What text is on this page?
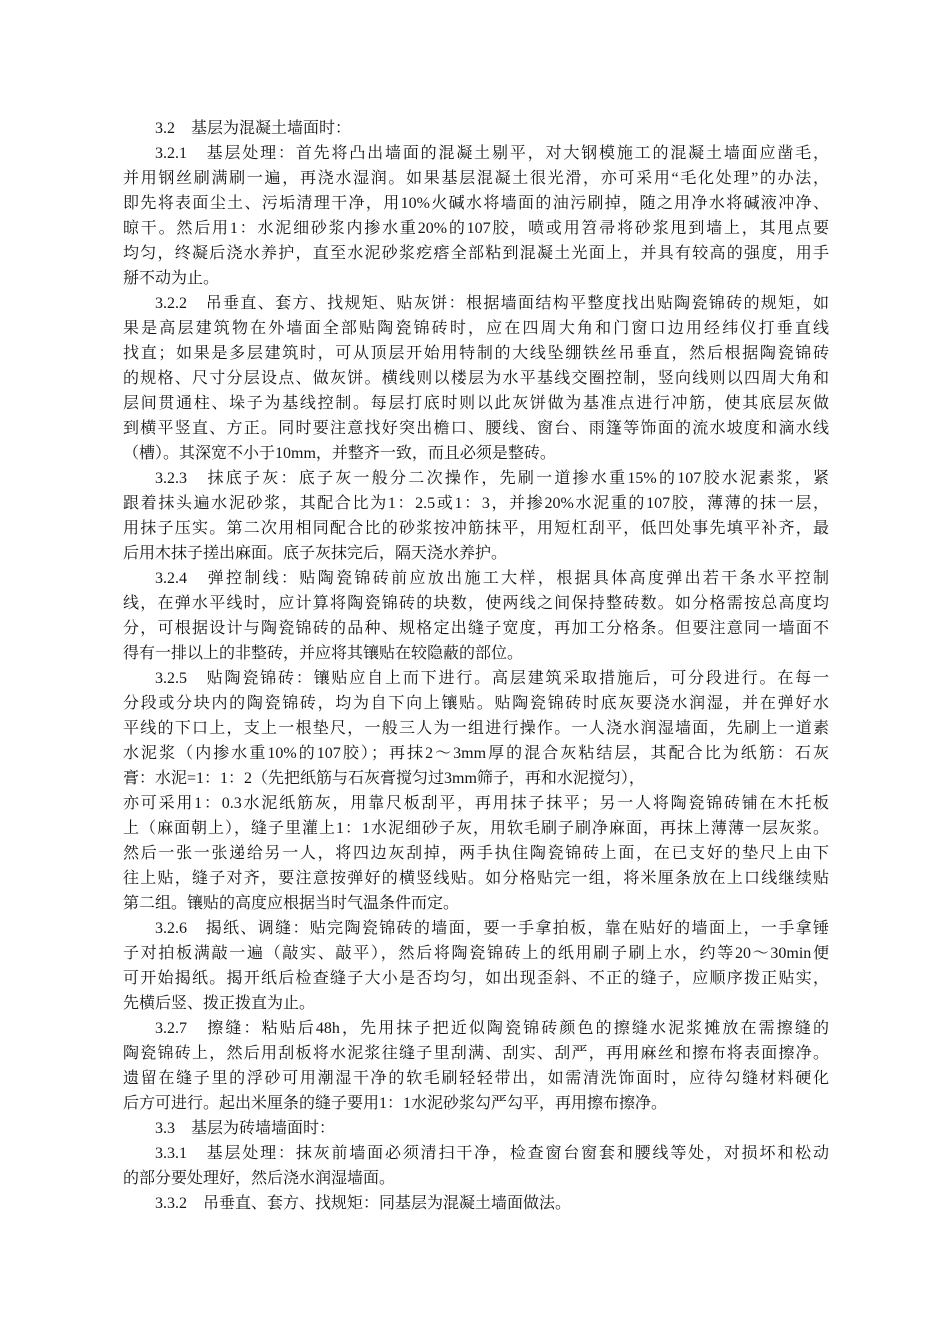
3.2　基层为混凝土墙面时：
3.2.1　基层处理：首先将凸出墙面的混凝土剔平，对大钢模施工的混凝土墙面应凿毛，
并用钢丝刷满刷一遍，再浇水湿润。如果基层混凝土很光滑，亦可采用“毛化处理”的办法，
即先将表面尘土、污垢清理干净，用10%火碱水将墙面的油污刷掉，随之用净水将碱液冲净、
晾干。然后用1：水泥细砂浆内掺水重20%的107胶，喷或用笤帚将砂浆甩到墙上，其甩点要
均匀，终凝后浇水养护，直至水泥砂浆疙瘩全部粘到混凝土光面上，并具有较高的强度，用手
掰不动为止。
3.2.2　吊垂直、套方、找规矩、贴灰饼：根据墙面结构平整度找出贴陶瓷锦砖的规矩，如
果是高层建筑物在外墙面全部贴陶瓷锦砖时，应在四周大角和门窗口边用经纬仪打垂直线
找直；如果是多层建筑时，可从顶层开始用特制的大线坠绷铁丝吊垂直，然后根据陶瓷锦砖
的规格、尺寸分层设点、做灰饼。横线则以楼层为水平基线交圈控制，竖向线则以四周大角和
层间贯通柱、垛子为基线控制。每层打底时则以此灰饼做为基准点进行冲筋，使其底层灰做
到横平竖直、方正。同时要注意找好突出檐口、腰线、窗台、雨篷等饰面的流水坡度和滴水线
（槽）。其深宽不小于10mm，并整齐一致，而且必须是整砖。
3.2.3　抹底子灰：底子灰一般分二次操作，先刷一道掺水重15%的107胶水泥素浆，紧
跟着抹头遍水泥砂浆，其配合比为1：2.5或1：3，并掺20%水泥重的107胶，薄薄的抹一层，
用抹子压实。第二次用相同配合比的砂浆按冲筋抹平，用短杠刮平，低凹处事先填平补齐，最
后用木抹子搓出麻面。底子灰抹完后，隔天浇水养护。
3.2.4　弹控制线：贴陶瓷锦砖前应放出施工大样，根据具体高度弹出若干条水平控制
线，在弹水平线时，应计算将陶瓷锦砖的块数，使两线之间保持整砖数。如分格需按总高度均
分，可根据设计与陶瓷锦砖的品种、规格定出缝子宽度，再加工分格条。但要注意同一墙面不
得有一排以上的非整砖，并应将其镶贴在较隐蔽的部位。
3.2.5　贴陶瓷锦砖：镶贴应自上而下进行。高层建筑采取措施后，可分段进行。在每一
分段或分块内的陶瓷锦砖，均为自下向上镶贴。贴陶瓷锦砖时底灰要浇水润湿，并在弹好水
平线的下口上，支上一根垫尺，一般三人为一组进行操作。一人浇水润湿墙面，先刷上一道素
水泥浆（内掺水重10%的107胶）；再抹2～3mm厚的混合灰粘结层，其配合比为纸筋：石灰
膏：水泥=1：1：2（先把纸筋与石灰膏搅匀过3mm筛子，再和水泥搅匀），
亦可采用1：0.3水泥纸筋灰，用靠尺板刮平，再用抹子抹平；另一人将陶瓷锦砖铺在木托板
上（麻面朝上），缝子里灌上1：1水泥细砂子灰，用软毛刷子刷净麻面，再抹上薄薄一层灰浆。
然后一张一张递给另一人，将四边灰刮掉，两手执住陶瓷锦砖上面，在已支好的垫尺上由下
往上贴，缝子对齐，要注意按弹好的横竖线贴。如分格贴完一组，将米厘条放在上口线继续贴
第二组。镶贴的高度应根据当时气温条件而定。
3.2.6　揭纸、调缝：贴完陶瓷锦砖的墙面，要一手拿拍板，靠在贴好的墙面上，一手拿锤
子对拍板满敲一遍（敲实、敲平），然后将陶瓷锦砖上的纸用刷子刷上水，约等20～30min便
可开始揭纸。揭开纸后检查缝子大小是否均匀，如出现歪斜、不正的缝子，应顺序拨正贴实，
先横后竖、拨正拨直为止。
3.2.7　擦缝：粘贴后48h，先用抹子把近似陶瓷锦砖颜色的擦缝水泥浆摊放在需擦缝的
陶瓷锦砖上，然后用刮板将水泥浆往缝子里刮满、刮实、刮严，再用麻丝和擦布将表面擦净。
遗留在缝子里的浮砂可用潮湿干净的软毛刷轻轻带出，如需清洗饰面时，应待勾缝材料硬化
后方可进行。起出米厘条的缝子要用1：1水泥砂浆勾严勾平，再用擦布擦净。
3.3　基层为砖墙墙面时：
3.3.1　基层处理：抹灰前墙面必须清扫干净，检查窗台窗套和腰线等处，对损坏和松动
的部分要处理好，然后浇水润湿墙面。
3.3.2　吊垂直、套方、找规矩：同基层为混凝土墙面做法。
